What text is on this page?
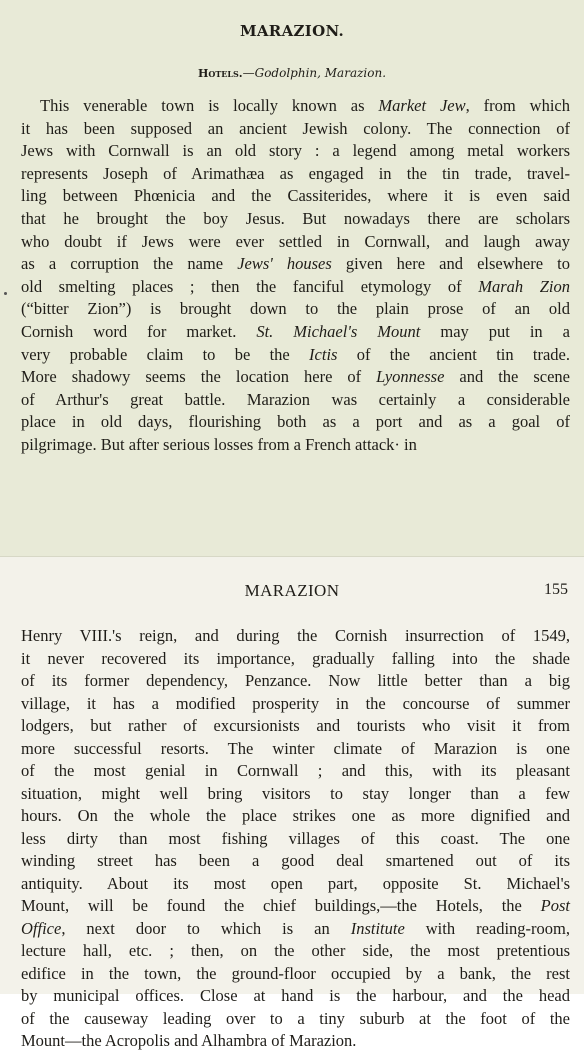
MARAZION.
Hotels.—Godolphin, Marazion.
This venerable town is locally known as Market Jew, from which
it has been supposed an ancient Jewish colony. The connection of
Jews with Cornwall is an old story : a legend among metal workers
represents Joseph of Arimathæa as engaged in the tin trade, travel-
ling between Phœnicia and the Cassiterides, where it is even said
that he brought the boy Jesus. But nowadays there are scholars
who doubt if Jews were ever settled in Cornwall, and laugh away
as a corruption the name Jews' houses given here and elsewhere to
old smelting places ; then the fanciful etymology of Marah Zion
(“bitter Zion”) is brought down to the plain prose of an old
Cornish word for market. St. Michael's Mount may put in a
very probable claim to be the Ictis of the ancient tin trade.
More shadowy seems the location here of Lyonnesse and the scene
of Arthur's great battle. Marazion was certainly a considerable
place in old days, flourishing both as a port and as a goal of
pilgrimage. But after serious losses from a French attack· in
MARAZION	155
Henry VIII.'s reign, and during the Cornish insurrection of 1549,
it never recovered its importance, gradually falling into the shade
of its former dependency, Penzance. Now little better than a big
village, it has a modified prosperity in the concourse of summer
lodgers, but rather of excursionists and tourists who visit it from
more successful resorts. The winter climate of Marazion is one
of the most genial in Cornwall ; and this, with its pleasant
situation, might well bring visitors to stay longer than a few
hours. On the whole the place strikes one as more dignified and
less dirty than most fishing villages of this coast. The one
winding street has been a good deal smartened out of its
antiquity. About its most open part, opposite St. Michael's
Mount, will be found the chief buildings,—the Hotels, the Post
Office, next door to which is an Institute with reading-room,
lecture hall, etc. ; then, on the other side, the most pretentious
edifice in the town, the ground-floor occupied by a bank, the rest
by municipal offices. Close at hand is the harbour, and the head
of the causeway leading over to a tiny suburb at the foot of the
Mount—the Acropolis and Alhambra of Marazion.
